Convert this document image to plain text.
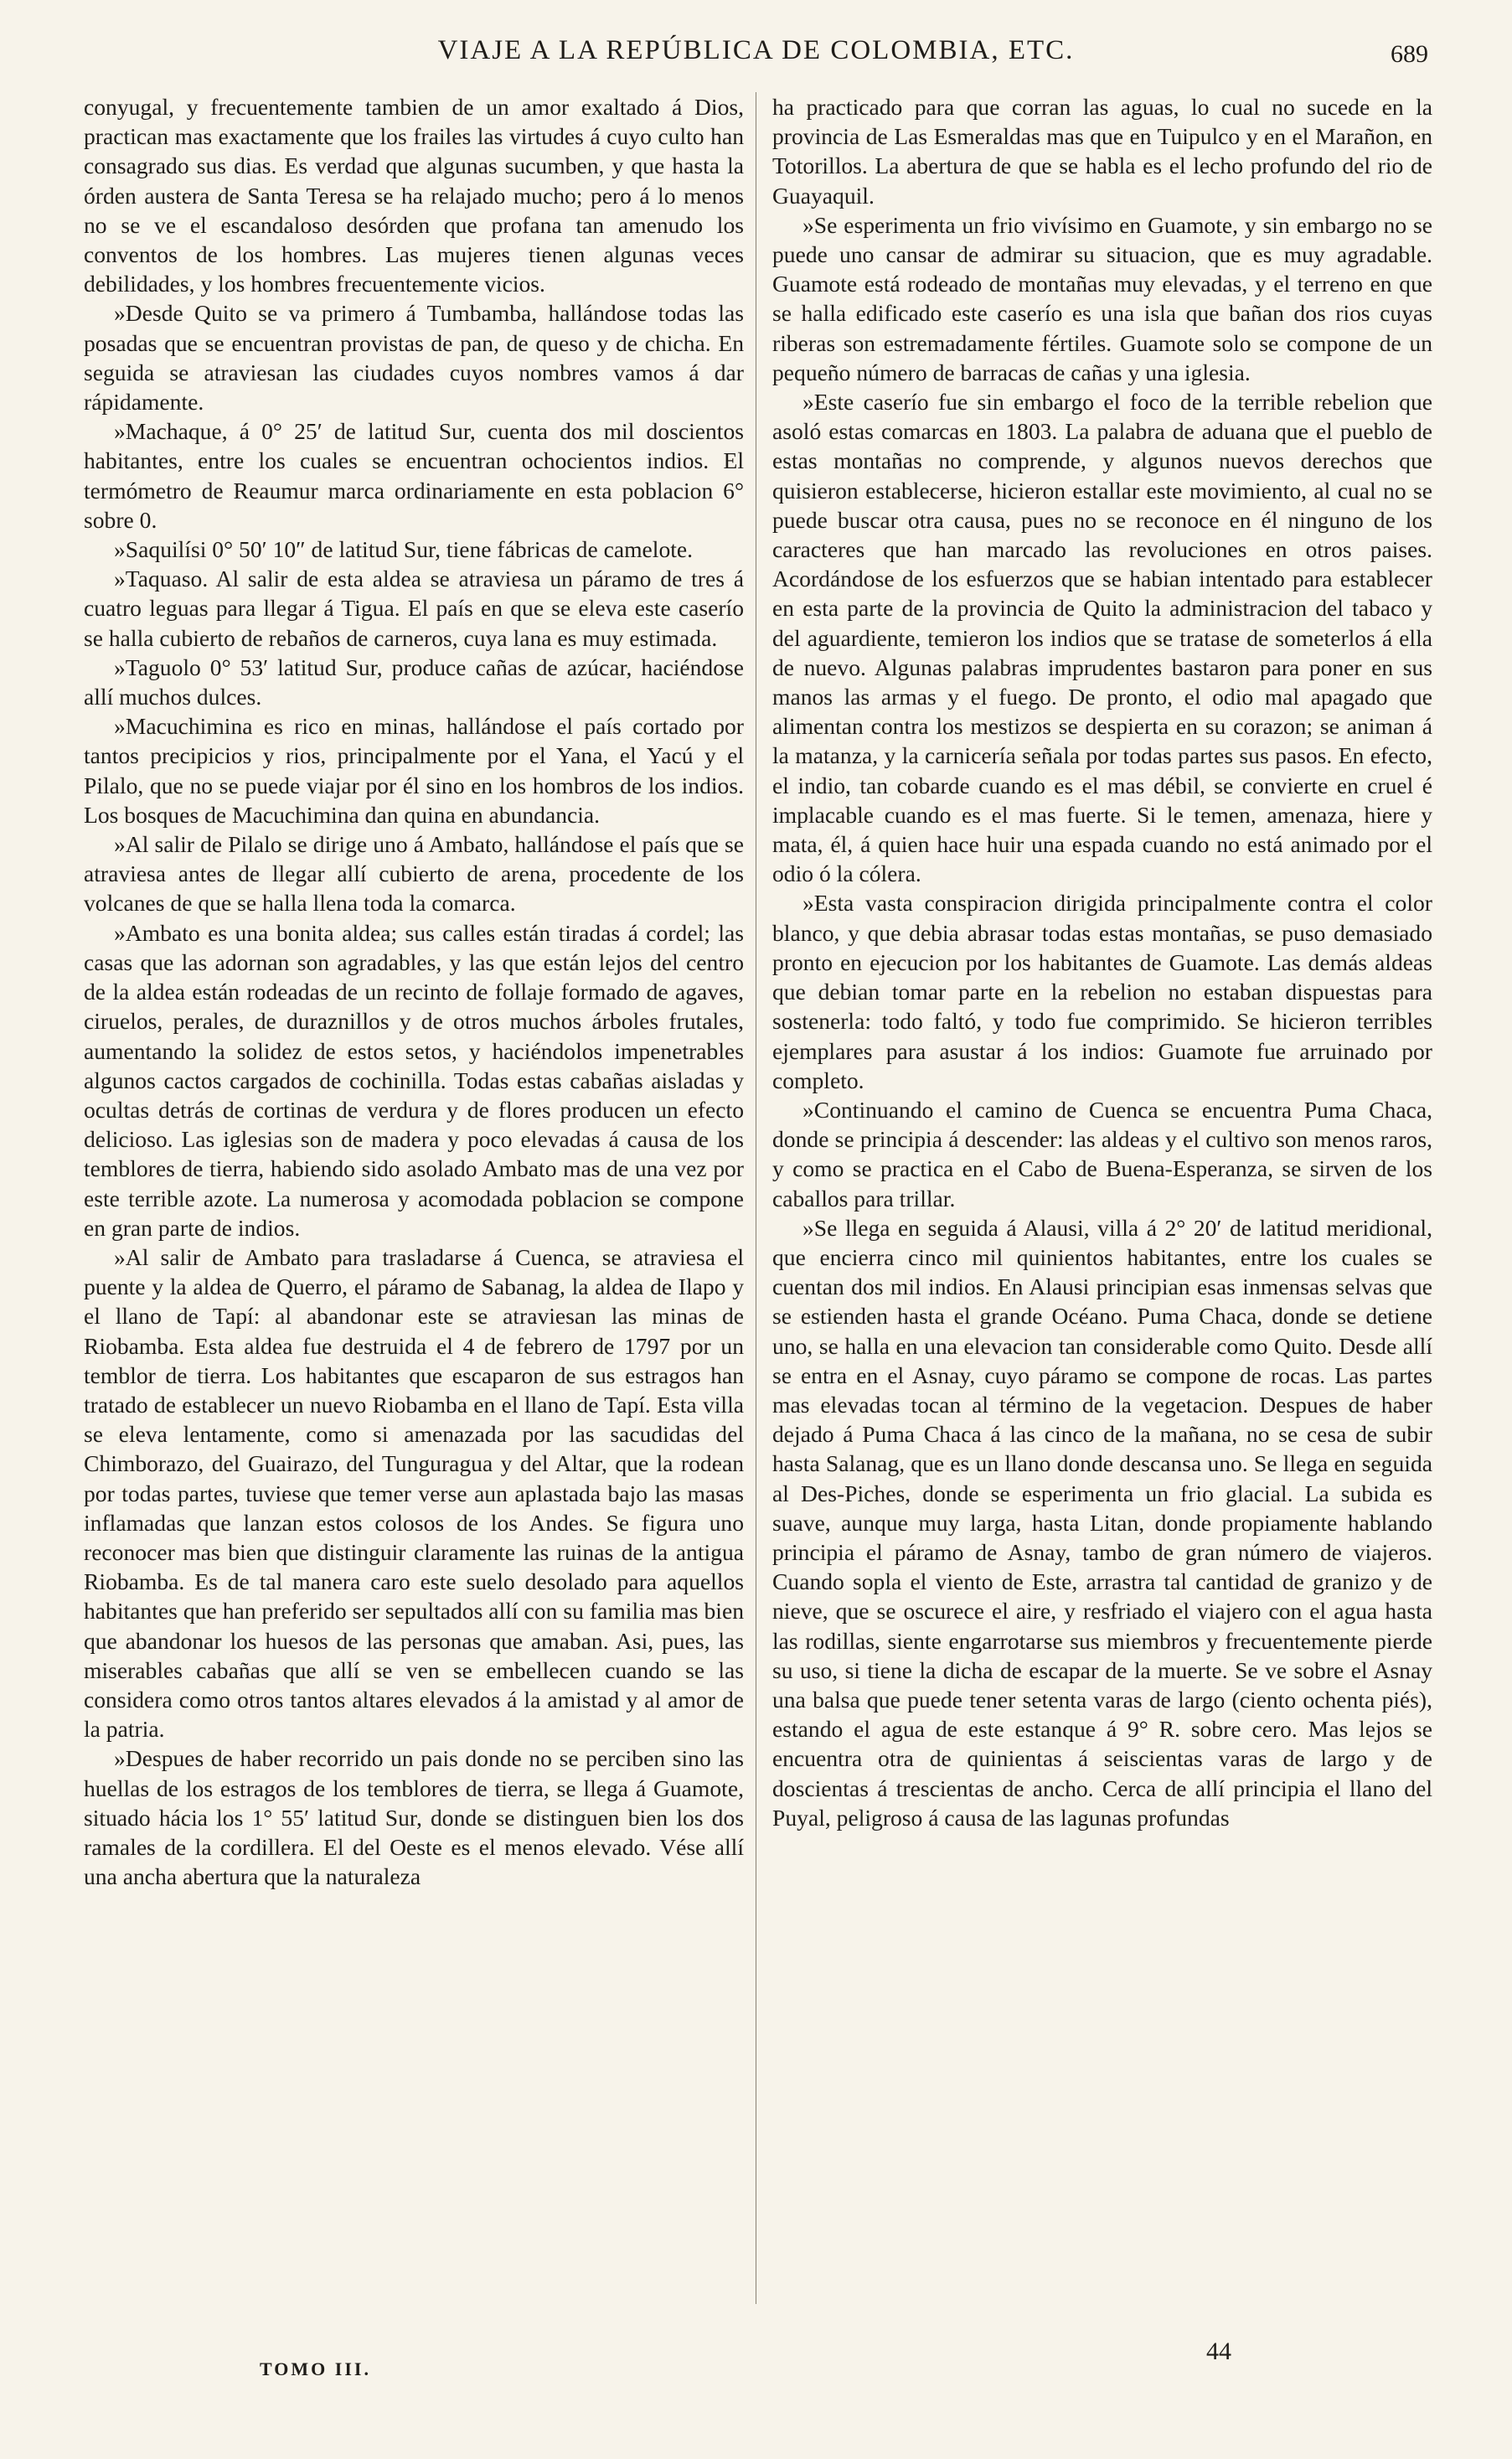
VIAJE A LA REPÚBLICA DE COLOMBIA, ETC.	689

conyugal, y frecuentemente tambien de un amor exaltado á Dios, practican mas exactamente que los frailes las virtudes á cuyo culto han consagrado sus dias. Es verdad que algunas sucumben, y que hasta la órden austera de Santa Teresa se ha relajado mucho; pero á lo menos no se ve el escandaloso desórden que profana tan amenudo los conventos de los hombres. Las mujeres tienen algunas veces debilidades, y los hombres frecuentemente vicios.

»Desde Quito se va primero á Tumbamba, hallándose todas las posadas que se encuentran provistas de pan, de queso y de chicha. En seguida se atraviesan las ciudades cuyos nombres vamos á dar rápidamente.

»Machaque, á 0° 25′ de latitud Sur, cuenta dos mil doscientos habitantes, entre los cuales se encuentran ochocientos indios. El termómetro de Reaumur marca ordinariamente en esta poblacion 6° sobre 0.

»Saquilísi 0° 50′ 10″ de latitud Sur, tiene fábricas de camelote.

»Taquaso. Al salir de esta aldea se atraviesa un páramo de tres á cuatro leguas para llegar á Tigua. El país en que se eleva este caserío se halla cubierto de rebaños de carneros, cuya lana es muy estimada.

»Taguolo 0° 53′ latitud Sur, produce cañas de azúcar, haciéndose allí muchos dulces.

»Macuchimina es rico en minas, hallándose el país cortado por tantos precipicios y rios, principalmente por el Yana, el Yacú y el Pilalo, que no se puede viajar por él sino en los hombros de los indios. Los bosques de Macuchimina dan quina en abundancia.

»Al salir de Pilalo se dirige uno á Ambato, hallándose el país que se atraviesa antes de llegar allí cubierto de arena, procedente de los volcanes de que se halla llena toda la comarca.

»Ambato es una bonita aldea; sus calles están tiradas á cordel; las casas que las adornan son agradables, y las que están lejos del centro de la aldea están rodeadas de un recinto de follaje formado de agaves, ciruelos, perales, de duraznillos y de otros muchos árboles frutales, aumentando la solidez de estos setos, y haciéndolos impenetrables algunos cactos cargados de cochinilla. Todas estas cabañas aisladas y ocultas detrás de cortinas de verdura y de flores producen un efecto delicioso. Las iglesias son de madera y poco elevadas á causa de los temblores de tierra, habiendo sido asolado Ambato mas de una vez por este terrible azote. La numerosa y acomodada poblacion se compone en gran parte de indios.

»Al salir de Ambato para trasladarse á Cuenca, se atraviesa el puente y la aldea de Querro, el páramo de Sabanag, la aldea de Ilapo y el llano de Tapí: al abandonar este se atraviesan las minas de Riobamba. Esta aldea fue destruida el 4 de febrero de 1797 por un temblor de tierra. Los habitantes que escaparon de sus estragos han tratado de establecer un nuevo Riobamba en el llano de Tapí. Esta villa se eleva lentamente, como si amenazada por las sacudidas del Chimborazo, del Guairazo, del Tunguragua y del Altar, que la rodean por todas partes, tuviese que temer verse aun aplastada bajo las masas inflamadas que lanzan estos colosos de los Andes. Se figura uno reconocer mas bien que distinguir claramente las ruinas de la antigua Riobamba. Es de tal manera caro este suelo desolado para aquellos habitantes que han preferido ser sepultados allí con su familia mas bien que abandonar los huesos de las personas que amaban. Asi, pues, las miserables cabañas que allí se ven se embellecen cuando se las considera como otros tantos altares elevados á la amistad y al amor de la patria.

»Despues de haber recorrido un pais donde no se perciben sino las huellas de los estragos de los temblores de tierra, se llega á Guamote, situado hácia los 1° 55′ latitud Sur, donde se distinguen bien los dos ramales de la cordillera. El del Oeste es el menos elevado. Vése allí una ancha abertura que la naturaleza

ha practicado para que corran las aguas, lo cual no sucede en la provincia de Las Esmeraldas mas que en Tuipulco y en el Marañon, en Totorillos. La abertura de que se habla es el lecho profundo del rio de Guayaquil.

»Se esperimenta un frio vivísimo en Guamote, y sin embargo no se puede uno cansar de admirar su situacion, que es muy agradable. Guamote está rodeado de montañas muy elevadas, y el terreno en que se halla edificado este caserío es una isla que bañan dos rios cuyas riberas son estremadamente fértiles. Guamote solo se compone de un pequeño número de barracas de cañas y una iglesia.

»Este caserío fue sin embargo el foco de la terrible rebelion que asoló estas comarcas en 1803. La palabra de aduana que el pueblo de estas montañas no comprende, y algunos nuevos derechos que quisieron establecerse, hicieron estallar este movimiento, al cual no se puede buscar otra causa, pues no se reconoce en él ninguno de los caracteres que han marcado las revoluciones en otros paises. Acordándose de los esfuerzos que se habian intentado para establecer en esta parte de la provincia de Quito la administracion del tabaco y del aguardiente, temieron los indios que se tratase de someterlos á ella de nuevo. Algunas palabras imprudentes bastaron para poner en sus manos las armas y el fuego. De pronto, el odio mal apagado que alimentan contra los mestizos se despierta en su corazon; se animan á la matanza, y la carnicería señala por todas partes sus pasos. En efecto, el indio, tan cobarde cuando es el mas débil, se convierte en cruel é implacable cuando es el mas fuerte. Si le temen, amenaza, hiere y mata, él, á quien hace huir una espada cuando no está animado por el odio ó la cólera.

»Esta vasta conspiracion dirigida principalmente contra el color blanco, y que debia abrasar todas estas montañas, se puso demasiado pronto en ejecucion por los habitantes de Guamote. Las demás aldeas que debian tomar parte en la rebelion no estaban dispuestas para sostenerla: todo faltó, y todo fue comprimido. Se hicieron terribles ejemplares para asustar á los indios: Guamote fue arruinado por completo.

»Continuando el camino de Cuenca se encuentra Puma Chaca, donde se principia á descender: las aldeas y el cultivo son menos raros, y como se practica en el Cabo de Buena-Esperanza, se sirven de los caballos para trillar.

»Se llega en seguida á Alausi, villa á 2° 20′ de latitud meridional, que encierra cinco mil quinientos habitantes, entre los cuales se cuentan dos mil indios. En Alausi principian esas inmensas selvas que se estienden hasta el grande Océano. Puma Chaca, donde se detiene uno, se halla en una elevacion tan considerable como Quito. Desde allí se entra en el Asnay, cuyo páramo se compone de rocas. Las partes mas elevadas tocan al término de la vegetacion. Despues de haber dejado á Puma Chaca á las cinco de la mañana, no se cesa de subir hasta Salanag, que es un llano donde descansa uno. Se llega en seguida al Des-Piches, donde se esperimenta un frio glacial. La subida es suave, aunque muy larga, hasta Litan, donde propiamente hablando principia el páramo de Asnay, tambo de gran número de viajeros. Cuando sopla el viento de Este, arrastra tal cantidad de granizo y de nieve, que se oscurece el aire, y resfriado el viajero con el agua hasta las rodillas, siente engarrotarse sus miembros y frecuentemente pierde su uso, si tiene la dicha de escapar de la muerte. Se ve sobre el Asnay una balsa que puede tener setenta varas de largo (ciento ochenta piés), estando el agua de este estanque á 9° R. sobre cero. Mas lejos se encuentra otra de quinientas á seiscientas varas de largo y de doscientas á trescientas de ancho. Cerca de allí principia el llano del Puyal, peligroso á causa de las lagunas profundas

TOMO III.
44
